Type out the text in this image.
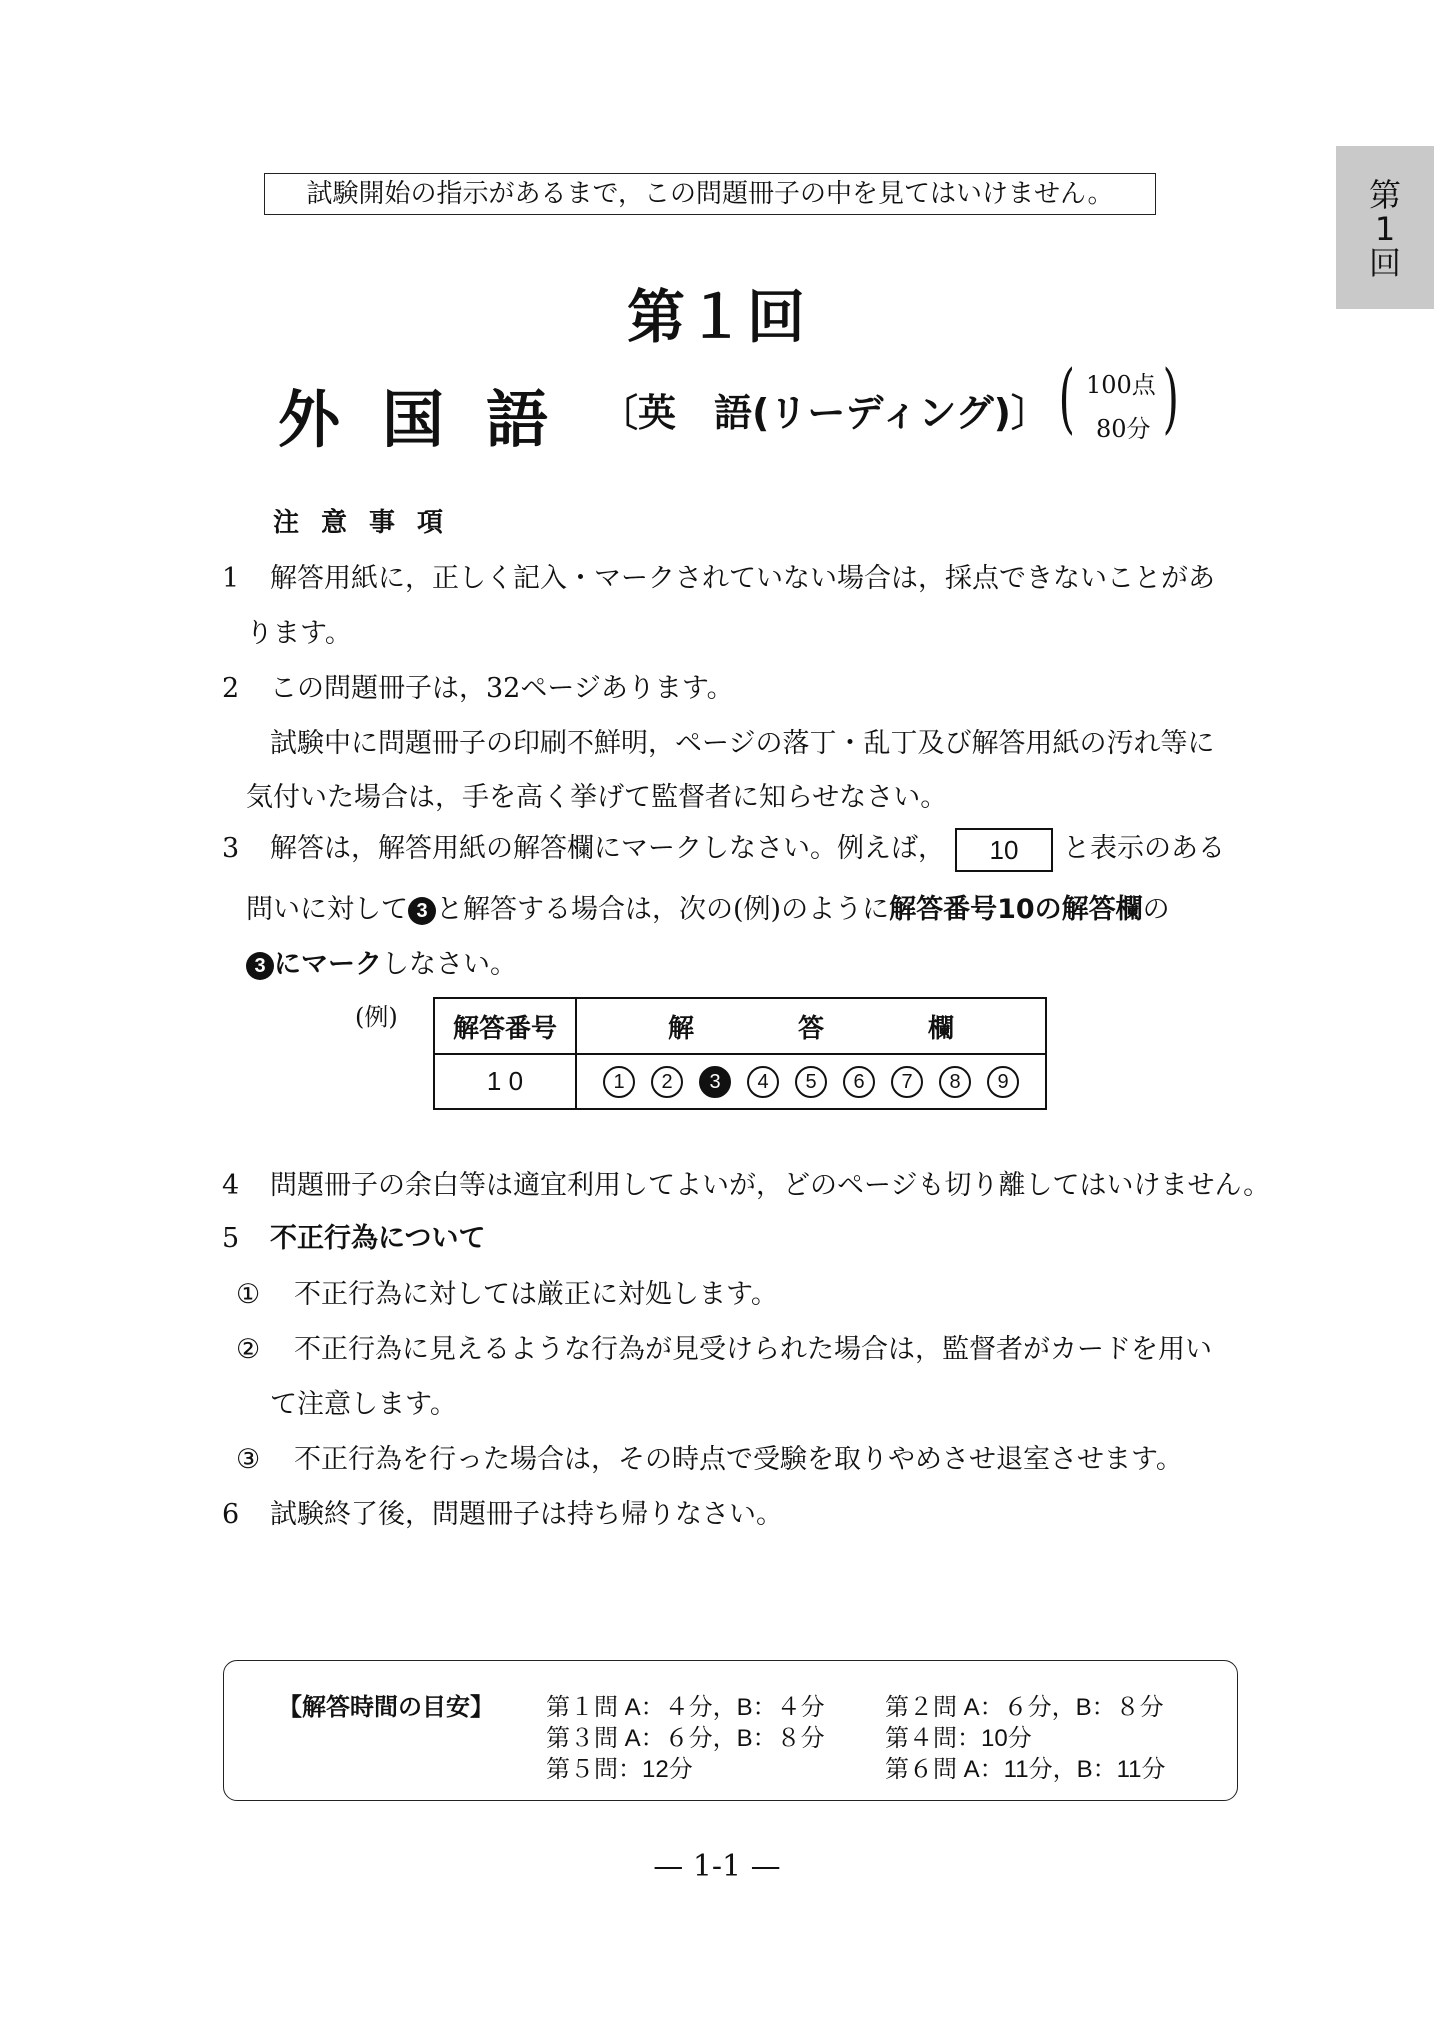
試験開始の指示があるまで，この問題冊子の中を見てはいけません。	第
1
回
第１回
外国語 〔英　語(リーディング)〕 ( 100点
80分 )
注意事項
1 解答用紙に，正しく記入・マークされていない場合は，採点できないことがあ
ります。
2 この問題冊子は，32ページあります。
試験中に問題冊子の印刷不鮮明，ページの落丁・乱丁及び解答用紙の汚れ等に
気付いた場合は，手を高く挙げて監督者に知らせなさい。
3 解答は，解答用紙の解答欄にマークしなさい。例えば， 10 と表示のある
問いに対して 3 と解答する場合は，次の(例)のように解答番号10の解答欄の
3 にマークしなさい。
(例) 解答番号	解 答 欄
1 0	1 2 3 4 5 6 7 8 9
4 問題冊子の余白等は適宜利用してよいが，どのページも切り離してはいけません。
5 不正行為について
① 不正行為に対しては厳正に対処します。
② 不正行為に見えるような行為が見受けられた場合は，監督者がカードを用い
て注意します。
③ 不正行為を行った場合は，その時点で受験を取りやめさせ退室させます。
6 試験終了後，問題冊子は持ち帰りなさい。
【解答時間の目安】 第１問 A：４分，B：４分	第２問 A：６分，B：８分
第３問 A：６分，B：８分	第４問：10分
第５問：12分	第６問 A：11分，B：11分
— 1-1 —
